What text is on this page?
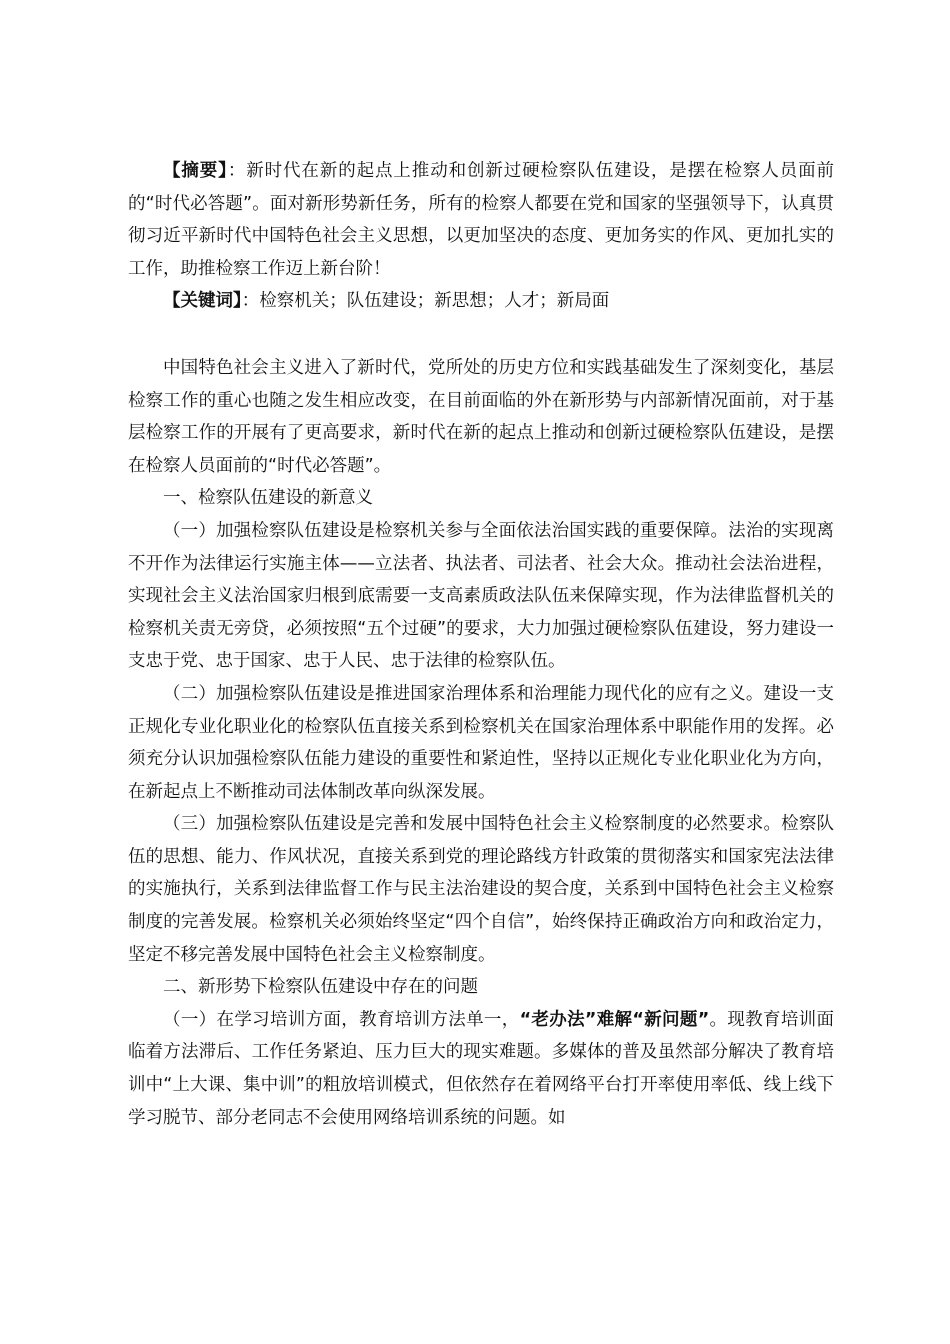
【摘要】：新时代在新的起点上推动和创新过硬检察队伍建设，是摆在检察人员面前的“时代必答题”。面对新形势新任务，所有的检察人都要在党和国家的坚强领导下，认真贯彻习近平新时代中国特色社会主义思想，以更加坚决的态度、更加务实的作风、更加扎实的工作，助推检察工作迈上新台阶！

【关键词】：检察机关；队伍建设；新思想；人才；新局面

中国特色社会主义进入了新时代，党所处的历史方位和实践基础发生了深刻变化，基层检察工作的重心也随之发生相应改变，在目前面临的外在新形势与内部新情况面前，对于基层检察工作的开展有了更高要求，新时代在新的起点上推动和创新过硬检察队伍建设，是摆在检察人员面前的“时代必答题”。

一、检察队伍建设的新意义

（一）加强检察队伍建设是检察机关参与全面依法治国实践的重要保障。法治的实现离不开作为法律运行实施主体——立法者、执法者、司法者、社会大众。推动社会法治进程，实现社会主义法治国家归根到底需要一支高素质政法队伍来保障实现，作为法律监督机关的检察机关责无旁贷，必须按照“五个过硬”的要求，大力加强过硬检察队伍建设，努力建设一支忠于党、忠于国家、忠于人民、忠于法律的检察队伍。

（二）加强检察队伍建设是推进国家治理体系和治理能力现代化的应有之义。建设一支正规化专业化职业化的检察队伍直接关系到检察机关在国家治理体系中职能作用的发挥。必须充分认识加强检察队伍能力建设的重要性和紧迫性，坚持以正规化专业化职业化为方向，在新起点上不断推动司法体制改革向纵深发展。

（三）加强检察队伍建设是完善和发展中国特色社会主义检察制度的必然要求。检察队伍的思想、能力、作风状况，直接关系到党的理论路线方针政策的贯彻落实和国家宪法法律的实施执行，关系到法律监督工作与民主法治建设的契合度，关系到中国特色社会主义检察制度的完善发展。检察机关必须始终坚定“四个自信”，始终保持正确政治方向和政治定力，坚定不移完善发展中国特色社会主义检察制度。

二、新形势下检察队伍建设中存在的问题

（一）在学习培训方面，教育培训方法单一，“老办法”难解“新问题”。现教育培训面临着方法滞后、工作任务紧迫、压力巨大的现实难题。多媒体的普及虽然部分解决了教育培训中“上大课、集中训”的粗放培训模式，但依然存在着网络平台打开率使用率低、线上线下学习脱节、部分老同志不会使用网络培训系统的问题。如
